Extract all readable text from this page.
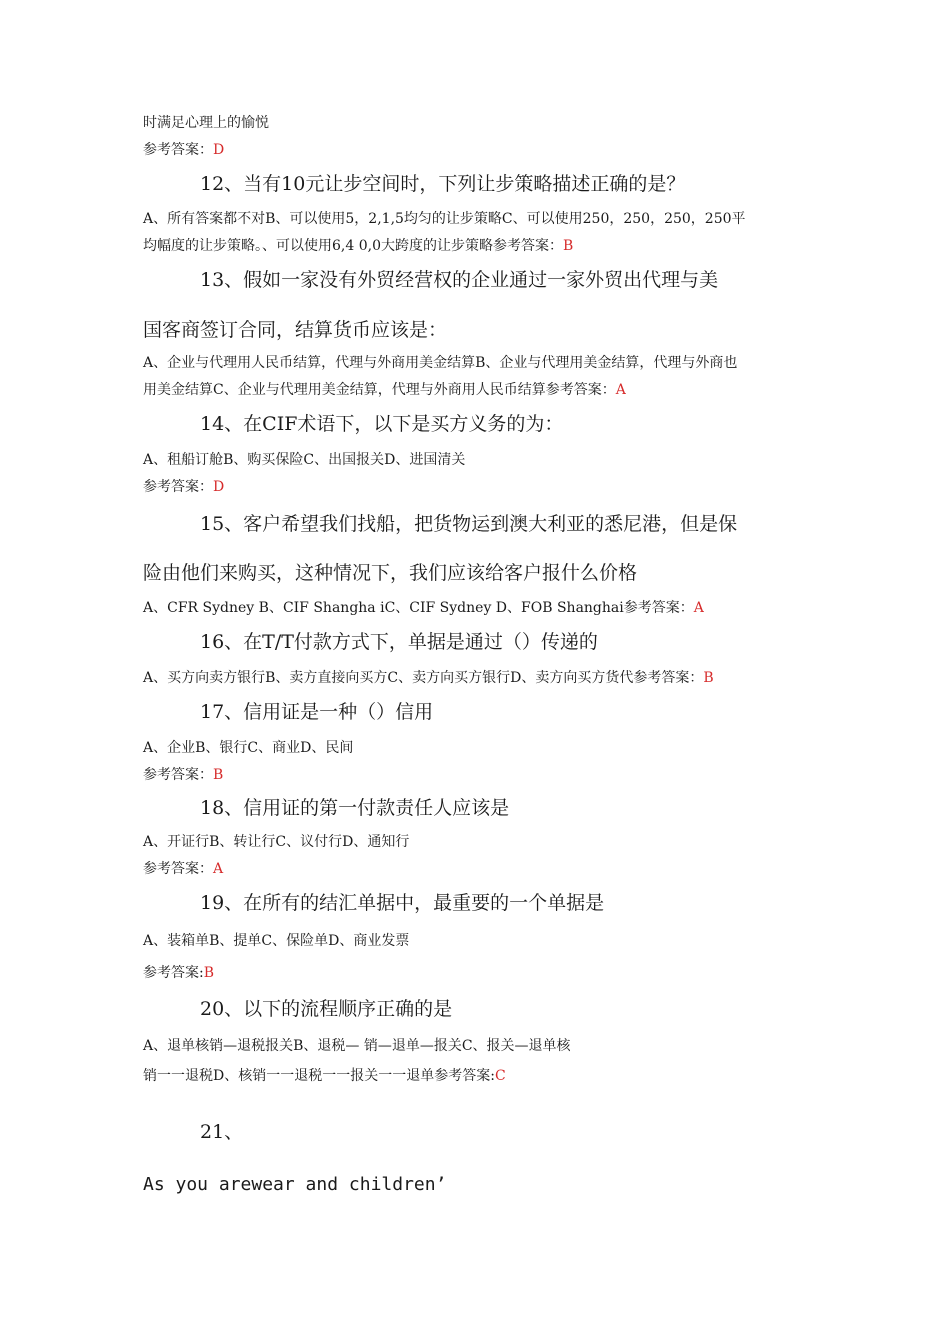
时满足心理上的愉悦
参考答案：D
12、当有10元让步空间时，下列让步策略描述正确的是？
A、所有答案都不对B、可以使用5，2,1,5均匀的让步策略C、可以使用250，250，250，250平
均幅度的让步策略。、可以使用6,4 0,0大跨度的让步策略参考答案：B
13、假如一家没有外贸经营权的企业通过一家外贸出代理与美
国客商签订合同，结算货币应该是：
A、企业与代理用人民币结算，代理与外商用美金结算B、企业与代理用美金结算，代理与外商也
用美金结算C、企业与代理用美金结算，代理与外商用人民币结算参考答案：A
14、在CIF术语下，以下是买方义务的为：
A、租船订舱B、购买保险C、出国报关D、进国清关
参考答案：D
15、客户希望我们找船，把货物运到澳大利亚的悉尼港，但是保
险由他们来购买，这种情况下，我们应该给客户报什么价格
A、CFR Sydney B、CIF Shangha iC、CIF Sydney D、FOB Shanghai参考答案：A
16、在T/T付款方式下，单据是通过（）传递的
A、买方向卖方银行B、卖方直接向买方C、卖方向买方银行D、卖方向买方货代参考答案：B
17、信用证是一种（）信用
A、企业B、银行C、商业D、民间
参考答案：B
18、信用证的第一付款责任人应该是
A、开证行B、转让行C、议付行D、通知行
参考答案：A
19、在所有的结汇单据中，最重要的一个单据是
A、装箱单B、提单C、保险单D、商业发票
参考答案:B
20、以下的流程顺序正确的是
A、退单核销—退税报关B、退税— 销—退单—报关C、报关—退单核
销一一退税D、核销一一退税一一报关一一退单参考答案:C
21、
As you arewear and children’
